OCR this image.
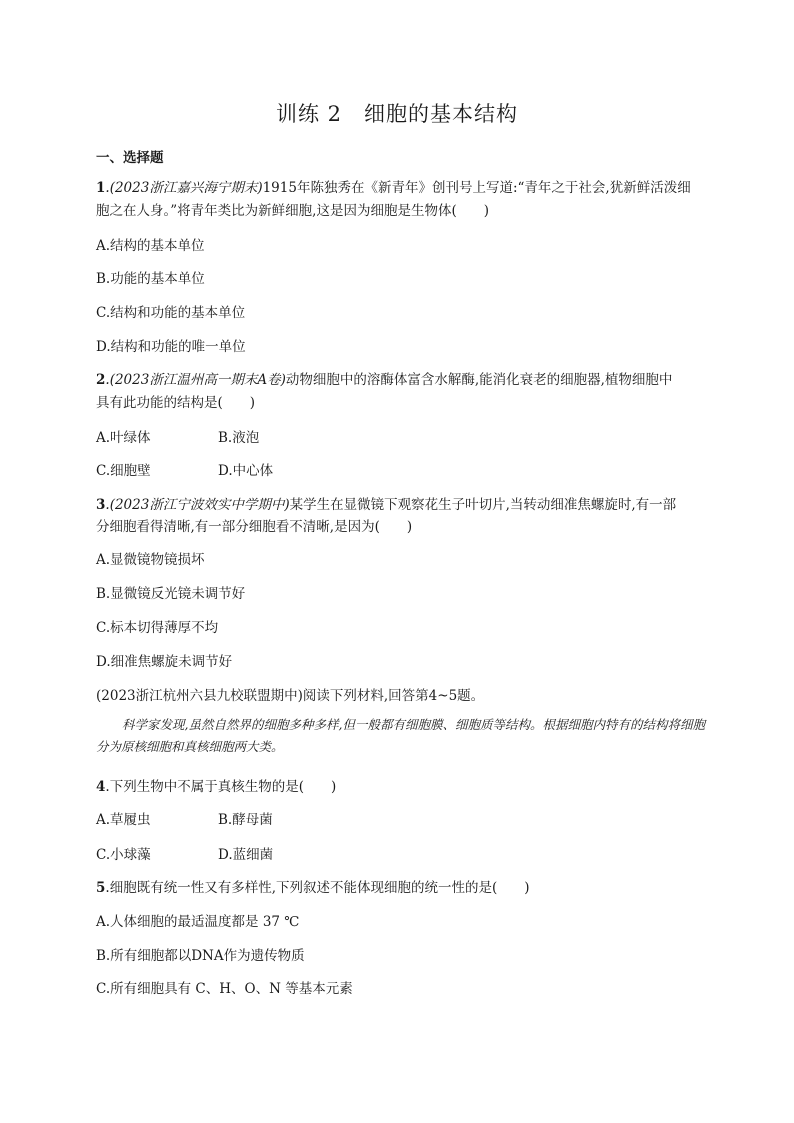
训练 2　细胞的基本结构
一、选择题
1.(2023浙江嘉兴海宁期末)1915年陈独秀在《新青年》创刊号上写道:“青年之于社会,犹新鲜活泼细
胞之在人身。”将青年类比为新鲜细胞,这是因为细胞是生物体(　　)
A.结构的基本单位
B.功能的基本单位
C.结构和功能的基本单位
D.结构和功能的唯一单位
2.(2023浙江温州高一期末A卷)动物细胞中的溶酶体富含水解酶,能消化衰老的细胞器,植物细胞中
具有此功能的结构是(　　)
A.叶绿体	B.液泡
C.细胞壁	D.中心体
3.(2023浙江宁波效实中学期中)某学生在显微镜下观察花生子叶切片,当转动细准焦螺旋时,有一部
分细胞看得清晰,有一部分细胞看不清晰,是因为(　　)
A.显微镜物镜损坏
B.显微镜反光镜未调节好
C.标本切得薄厚不均
D.细准焦螺旋未调节好
(2023浙江杭州六县九校联盟期中)阅读下列材料,回答第4~5题。
科学家发现,虽然自然界的细胞多种多样,但一般都有细胞膜、细胞质等结构。根据细胞内特有的结构将细胞分为原核细胞和真核细胞两大类。
4.下列生物中不属于真核生物的是(　　)
A.草履虫	B.酵母菌
C.小球藻	D.蓝细菌
5.细胞既有统一性又有多样性,下列叙述不能体现细胞的统一性的是(　　)
A.人体细胞的最适温度都是 37 ℃
B.所有细胞都以DNA作为遗传物质
C.所有细胞具有 C、H、O、N 等基本元素
